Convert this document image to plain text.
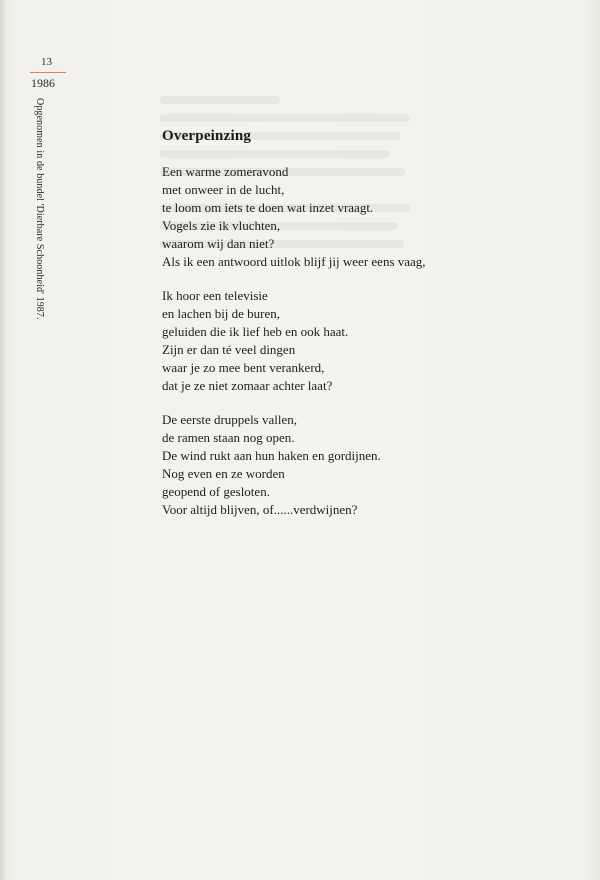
13
1986
Opgenomen in de bundel 'Dierbare Schoonheid' 1987.	Overpeinzing
Een warme zomeravond
met onweer in de lucht,
te loom om iets te doen wat inzet vraagt.
Vogels zie ik vluchten,
waarom wij dan niet?
Als ik een antwoord uitlok blijf jij weer eens vaag,
Ik hoor een televisie
en lachen bij de buren,
geluiden die ik lief heb en ook haat.
Zijn er dan té veel dingen
waar je zo mee bent verankerd,
dat je ze niet zomaar achter laat?
De eerste druppels vallen,
de ramen staan nog open.
De wind rukt aan hun haken en gordijnen.
Nog even en ze worden
geopend of gesloten.
Voor altijd blijven, of......verdwijnen?
